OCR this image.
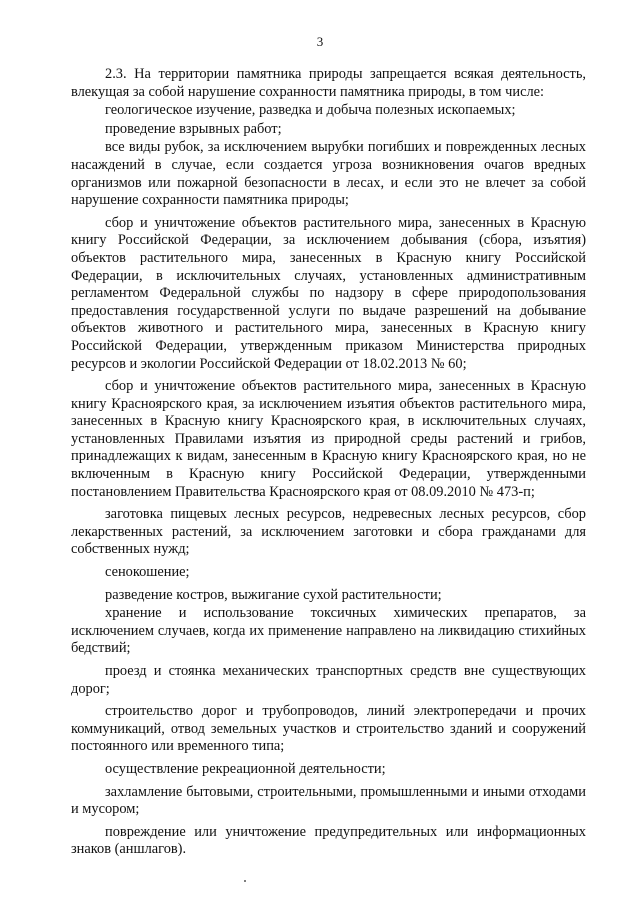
3

2.3. На территории памятника природы запрещается всякая деятельность, влекущая за собой нарушение сохранности памятника природы, в том числе:

геологическое изучение, разведка и добыча полезных ископаемых;

проведение взрывных работ;

все виды рубок, за исключением вырубки погибших и поврежденных лесных насаждений в случае, если создается угроза возникновения очагов вредных организмов или пожарной безопасности в лесах, и если это не влечет за собой нарушение сохранности памятника природы;

сбор и уничтожение объектов растительного мира, занесенных в Красную книгу Российской Федерации, за исключением добывания (сбора, изъятия) объектов растительного мира, занесенных в Красную книгу Российской Федерации, в исключительных случаях, установленных административным регламентом Федеральной службы по надзору в сфере природопользования предоставления государственной услуги по выдаче разрешений на добывание объектов животного и растительного мира, занесенных в Красную книгу Российской Федерации, утвержденным приказом Министерства природных ресурсов и экологии Российской Федерации от 18.02.2013 № 60;

сбор и уничтожение объектов растительного мира, занесенных в Красную книгу Красноярского края, за исключением изъятия объектов растительного мира, занесенных в Красную книгу Красноярского края, в исключительных случаях, установленных Правилами изъятия из природной среды растений и грибов, принадлежащих к видам, занесенным в Красную книгу Красноярского края, но не включенным в Красную книгу Российской Федерации, утвержденными постановлением Правительства Красноярского края от 08.09.2010 № 473-п;

заготовка пищевых лесных ресурсов, недревесных лесных ресурсов, сбор лекарственных растений, за исключением заготовки и сбора гражданами для собственных нужд;

сенокошение;

разведение костров, выжигание сухой растительности;

хранение и использование токсичных химических препаратов, за исключением случаев, когда их применение направлено на ликвидацию стихийных бедствий;

проезд и стоянка механических транспортных средств вне существующих дорог;

строительство дорог и трубопроводов, линий электропередачи и прочих коммуникаций, отвод земельных участков и строительство зданий и сооружений постоянного или временного типа;

осуществление рекреационной деятельности;

захламление бытовыми, строительными, промышленными и иными отходами и мусором;

повреждение или уничтожение предупредительных или информационных знаков (аншлагов).
